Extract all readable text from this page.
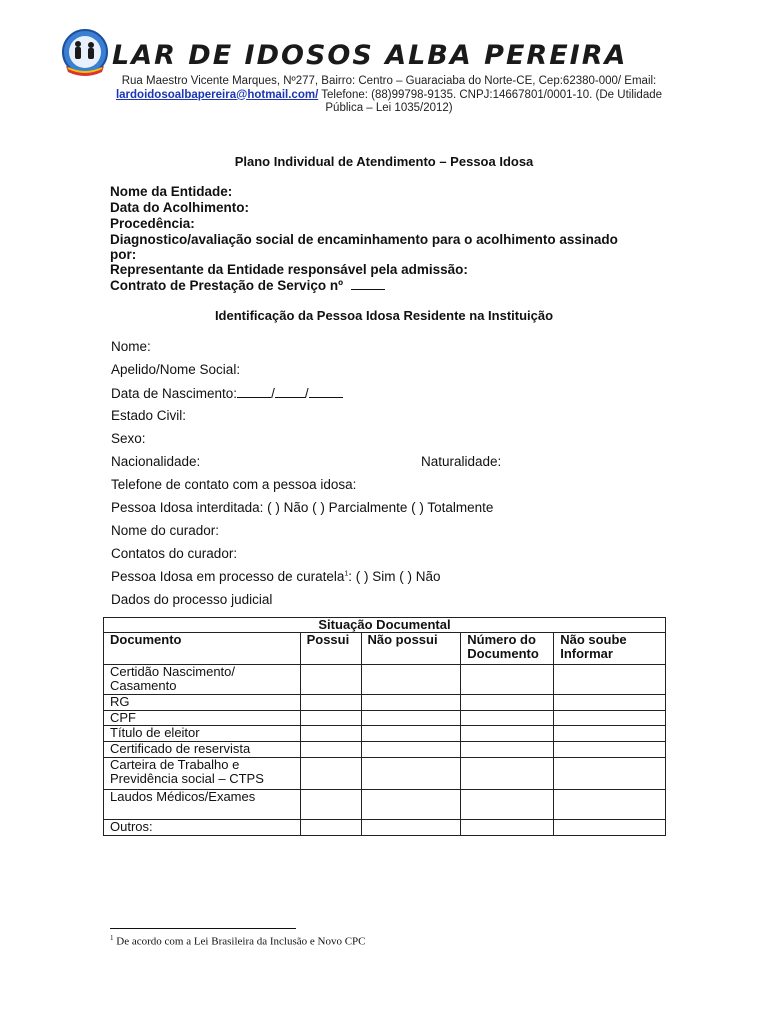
LAR DE IDOSOS ALBA PEREIRA
Rua Maestro Vicente Marques, Nº277, Bairro: Centro – Guaraciaba do Norte-CE, Cep:62380-000/ Email:
lardoidosoalbapereira@hotmail.com/ Telefone: (88)99798-9135. CNPJ:14667801/0001-10. (De Utilidade
Pública – Lei 1035/2012)
Plano Individual de Atendimento – Pessoa Idosa
Nome da Entidade:
Data do Acolhimento:
Procedência:
Diagnostico/avaliação social de encaminhamento para o acolhimento assinado
por:
Representante da Entidade responsável pela admissão:
Contrato de Prestação de Serviço nº
Identificação da Pessoa Idosa Residente na Instituição
Nome:
Apelido/Nome Social:
Data de Nascimento:	/ /
Estado Civil:
Sexo:
Nacionalidade:	Naturalidade:
Telefone de contato com a pessoa idosa:
Pessoa Idosa interditada: ( ) Não ( ) Parcialmente ( ) Totalmente
Nome do curador:
Contatos do curador:
Pessoa Idosa em processo de curatela$^1$: ( ) Sim ( ) Não
Dados do processo judicial
Situação Documental				
Documento	Possui	Não possui	Número do Documento	Não soube Informar
Certidão Nascimento/ Casamento				
RG				
CPF				
Título de eleitor				
Certificado de reservista				
Carteira de Trabalho e Previdência social – CTPS				
Laudos Médicos/Exames				
Outros:				
$^1$ De acordo com a Lei Brasileira da Inclusão e Novo CPC
